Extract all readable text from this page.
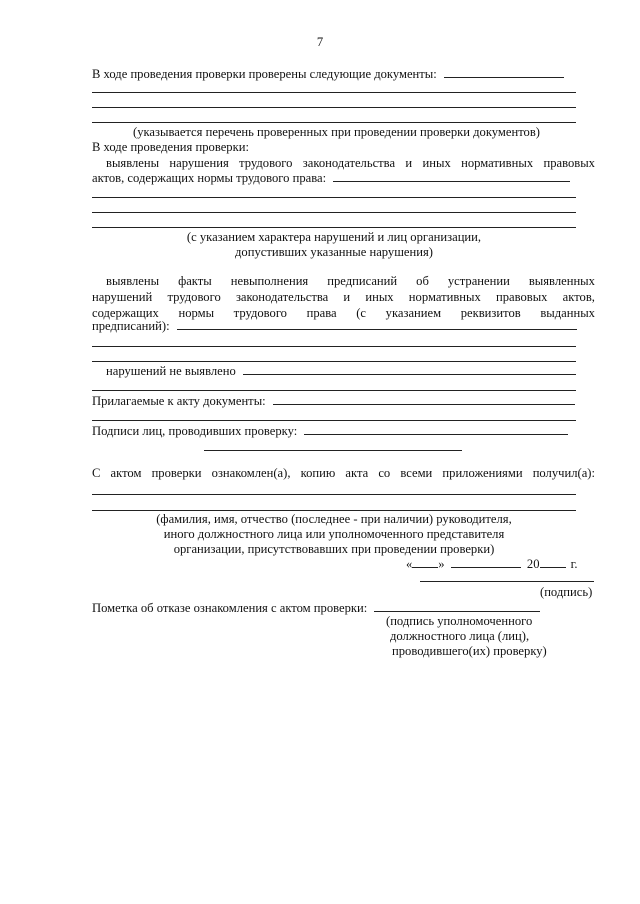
7
В ходе проведения проверки проверены следующие документы:
(указывается перечень проверенных при проведении проверки документов)
В ходе проведения проверки:
выявлены нарушения трудового законодательства и иных нормативных правовых
актов, содержащих нормы трудового права:
(с указанием характера нарушений и лиц организации,
допустивших указанные нарушения)
выявлены факты невыполнения предписаний об устранении выявленных
нарушений трудового законодательства и иных нормативных правовых актов,
содержащих нормы трудового права (с указанием реквизитов выданных
предписаний):
нарушений не выявлено
Прилагаемые к акту документы:
Подписи лиц, проводивших проверку:
С актом проверки ознакомлен(а), копию акта со всеми приложениями получил(а):
(фамилия, имя, отчество (последнее - при наличии) руководителя,
иного должностного лица или уполномоченного представителя
организации, присутствовавших при проведении проверки)
« »	20 г.
(подпись)
Пометка об отказе ознакомления с актом проверки:
(подпись уполномоченного
должностного лица (лиц),
проводившего(их) проверку)
